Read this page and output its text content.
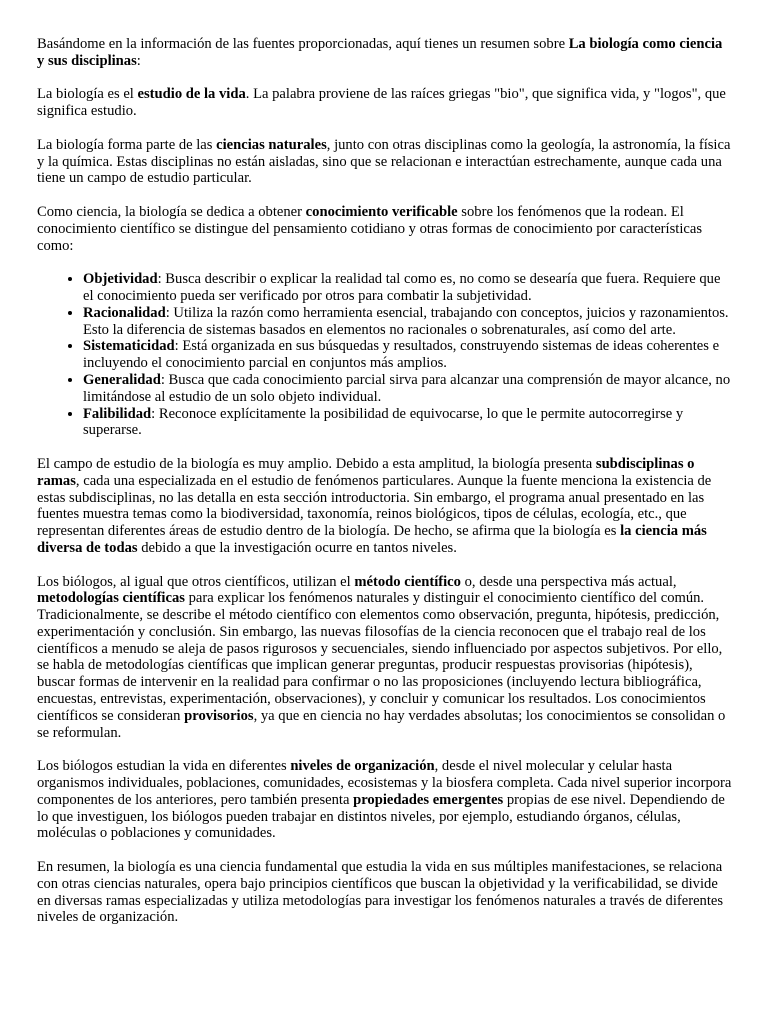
Basándome en la información de las fuentes proporcionadas, aquí tienes un resumen sobre La biología como ciencia y sus disciplinas:

La biología es el estudio de la vida. La palabra proviene de las raíces griegas "bio", que significa vida, y "logos", que significa estudio.

La biología forma parte de las ciencias naturales, junto con otras disciplinas como la geología, la astronomía, la física y la química. Estas disciplinas no están aisladas, sino que se relacionan e interactúan estrechamente, aunque cada una tiene un campo de estudio particular.

Como ciencia, la biología se dedica a obtener conocimiento verificable sobre los fenómenos que la rodean. El conocimiento científico se distingue del pensamiento cotidiano y otras formas de conocimiento por características como:

• Objetividad: Busca describir o explicar la realidad tal como es, no como se desearía que fuera. Requiere que el conocimiento pueda ser verificado por otros para combatir la subjetividad.
• Racionalidad: Utiliza la razón como herramienta esencial, trabajando con conceptos, juicios y razonamientos. Esto la diferencia de sistemas basados en elementos no racionales o sobrenaturales, así como del arte.
• Sistematicidad: Está organizada en sus búsquedas y resultados, construyendo sistemas de ideas coherentes e incluyendo el conocimiento parcial en conjuntos más amplios.
• Generalidad: Busca que cada conocimiento parcial sirva para alcanzar una comprensión de mayor alcance, no limitándose al estudio de un solo objeto individual.
• Falibilidad: Reconoce explícitamente la posibilidad de equivocarse, lo que le permite autocorregirse y superarse.

El campo de estudio de la biología es muy amplio. Debido a esta amplitud, la biología presenta subdisciplinas o ramas, cada una especializada en el estudio de fenómenos particulares. Aunque la fuente menciona la existencia de estas subdisciplinas, no las detalla en esta sección introductoria. Sin embargo, el programa anual presentado en las fuentes muestra temas como la biodiversidad, taxonomía, reinos biológicos, tipos de células, ecología, etc., que representan diferentes áreas de estudio dentro de la biología. De hecho, se afirma que la biología es la ciencia más diversa de todas debido a que la investigación ocurre en tantos niveles.

Los biólogos, al igual que otros científicos, utilizan el método científico o, desde una perspectiva más actual, metodologías científicas para explicar los fenómenos naturales y distinguir el conocimiento científico del común. Tradicionalmente, se describe el método científico con elementos como observación, pregunta, hipótesis, predicción, experimentación y conclusión. Sin embargo, las nuevas filosofías de la ciencia reconocen que el trabajo real de los científicos a menudo se aleja de pasos rigurosos y secuenciales, siendo influenciado por aspectos subjetivos. Por ello, se habla de metodologías científicas que implican generar preguntas, producir respuestas provisorias (hipótesis), buscar formas de intervenir en la realidad para confirmar o no las proposiciones (incluyendo lectura bibliográfica, encuestas, entrevistas, experimentación, observaciones), y concluir y comunicar los resultados. Los conocimientos científicos se consideran provisorios, ya que en ciencia no hay verdades absolutas; los conocimientos se consolidan o se reformulan.

Los biólogos estudian la vida en diferentes niveles de organización, desde el nivel molecular y celular hasta organismos individuales, poblaciones, comunidades, ecosistemas y la biosfera completa. Cada nivel superior incorpora componentes de los anteriores, pero también presenta propiedades emergentes propias de ese nivel. Dependiendo de lo que investiguen, los biólogos pueden trabajar en distintos niveles, por ejemplo, estudiando órganos, células, moléculas o poblaciones y comunidades.

En resumen, la biología es una ciencia fundamental que estudia la vida en sus múltiples manifestaciones, se relaciona con otras ciencias naturales, opera bajo principios científicos que buscan la objetividad y la verificabilidad, se divide en diversas ramas especializadas y utiliza metodologías para investigar los fenómenos naturales a través de diferentes niveles de organización.
